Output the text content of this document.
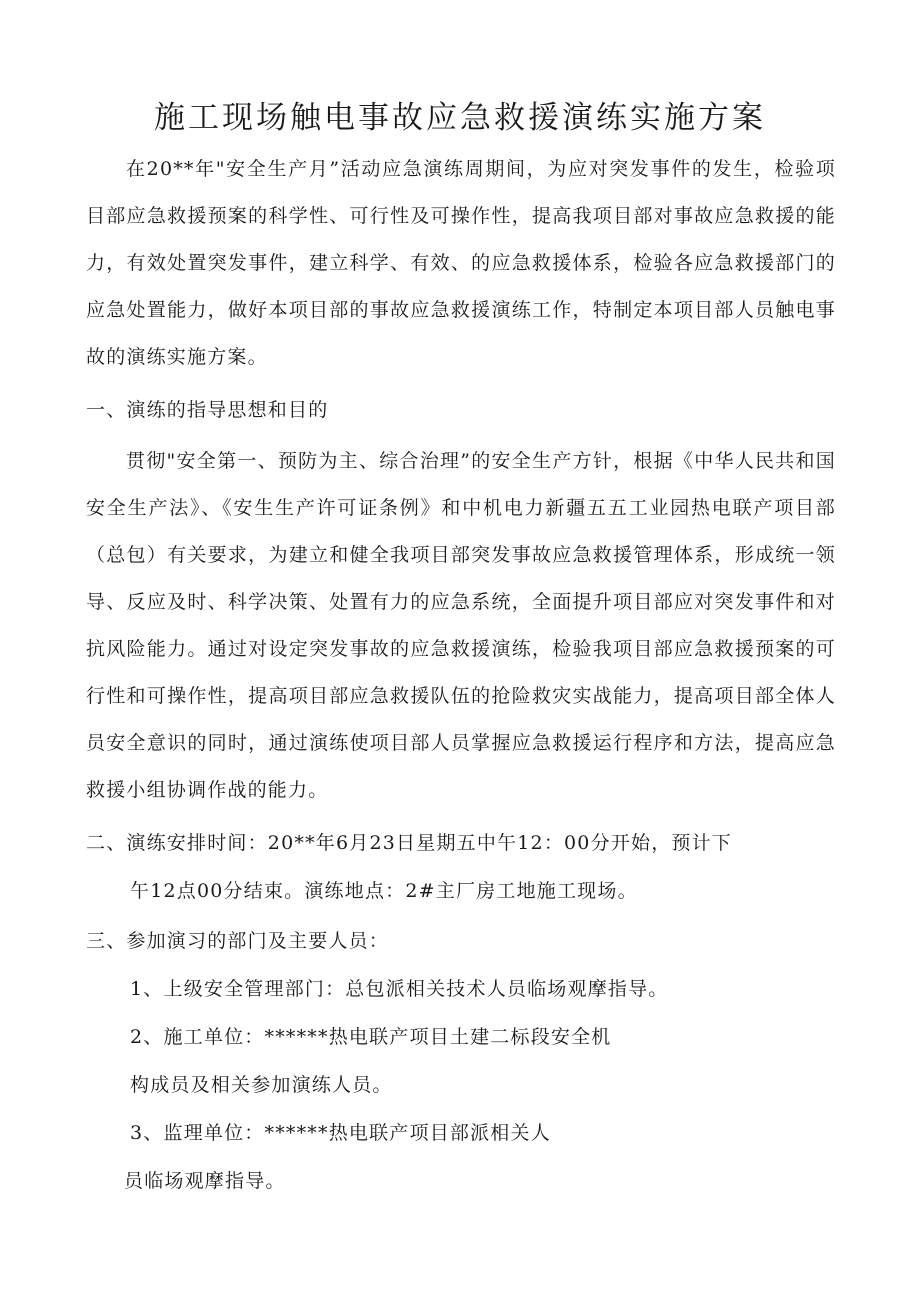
施工现场触电事故应急救援演练实施方案

在20**年"安全生产月”活动应急演练周期间，为应对突发事件的发生，检验项目部应急救援预案的科学性、可行性及可操作性，提高我项目部对事故应急救援的能力，有效处置突发事件，建立科学、有效、的应急救援体系，检验各应急救援部门的应急处置能力，做好本项目部的事故应急救援演练工作，特制定本项目部人员触电事故的演练实施方案。

一、演练的指导思想和目的

贯彻"安全第一、预防为主、综合治理”的安全生产方针，根据《中华人民共和国安全生产法》、《安生生产许可证条例》和中机电力新疆五五工业园热电联产项目部（总包）有关要求，为建立和健全我项目部突发事故应急救援管理体系，形成统一领导、反应及时、科学决策、处置有力的应急系统，全面提升项目部应对突发事件和对抗风险能力。通过对设定突发事故的应急救援演练，检验我项目部应急救援预案的可行性和可操作性，提高项目部应急救援队伍的抢险救灾实战能力，提高项目部全体人员安全意识的同时，通过演练使项目部人员掌握应急救援运行程序和方法，提高应急救援小组协调作战的能力。

二、演练安排时间：20**年6月23日星期五中午12：00分开始，预计下

午12点00分结束。演练地点：2#主厂房工地施工现场。

三、参加演习的部门及主要人员：

1、上级安全管理部门：总包派相关技术人员临场观摩指导。

2、施工单位：******热电联产项目土建二标段安全机

构成员及相关参加演练人员。

3、监理单位：******热电联产项目部派相关人

员临场观摩指导。
